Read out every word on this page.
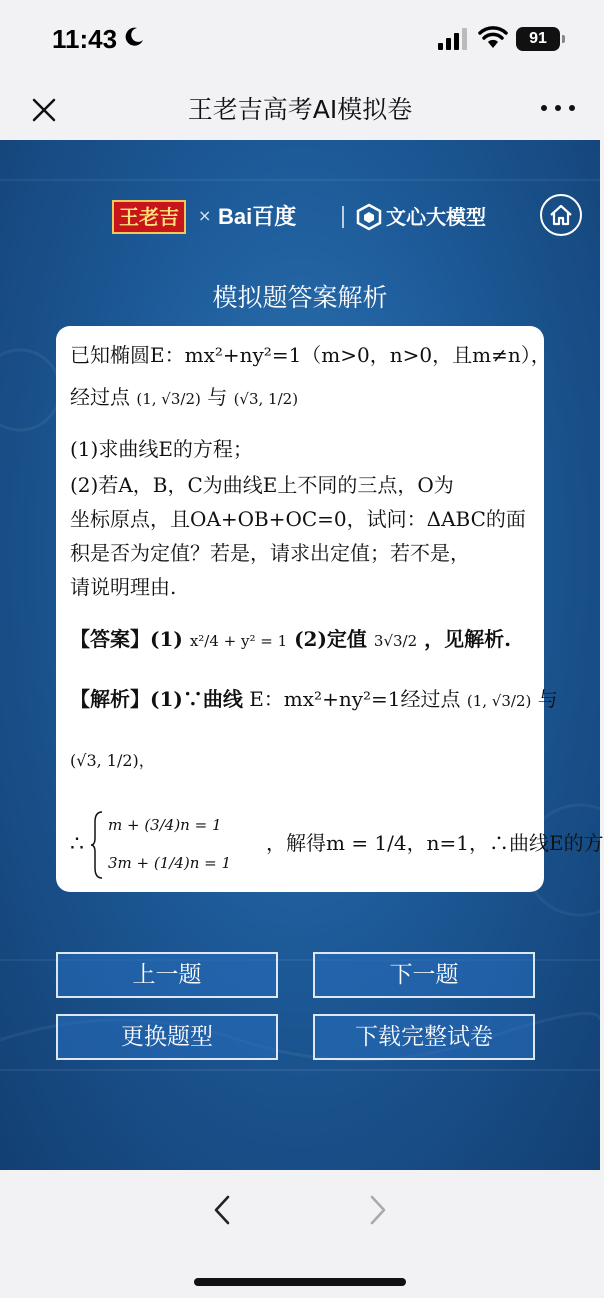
11:43	91
王老吉高考AI模拟卷
王老吉	× Bai百度	文心大模型
模拟题答案解析
已知椭圆E：mx²+ny²=1（m>0，n>0，且m≠n），
经过点 (1, √3/2) 与 (√3, 1/2)
(1)求曲线E的方程；
(2)若A，B，C为曲线E上不同的三点，O为
坐标原点，且OA+OB+OC=0，试问：ΔABC的面
积是否为定值？若是，请求出定值；若不是，
请说明理由.
【答案】(1) x²/4 + y² = 1 (2)定值 3√3/2 ，见解析.
【解析】(1)∵曲线 E：mx²+ny²=1经过点 (1, √3/2) 与
(√3, 1/2)，
∴
m + (3/4)n = 1
3m + (1/4)n = 1
，解得m = 1/4，n=1，∴曲线E的方
上一题	下一题
更换题型	下载完整试卷
